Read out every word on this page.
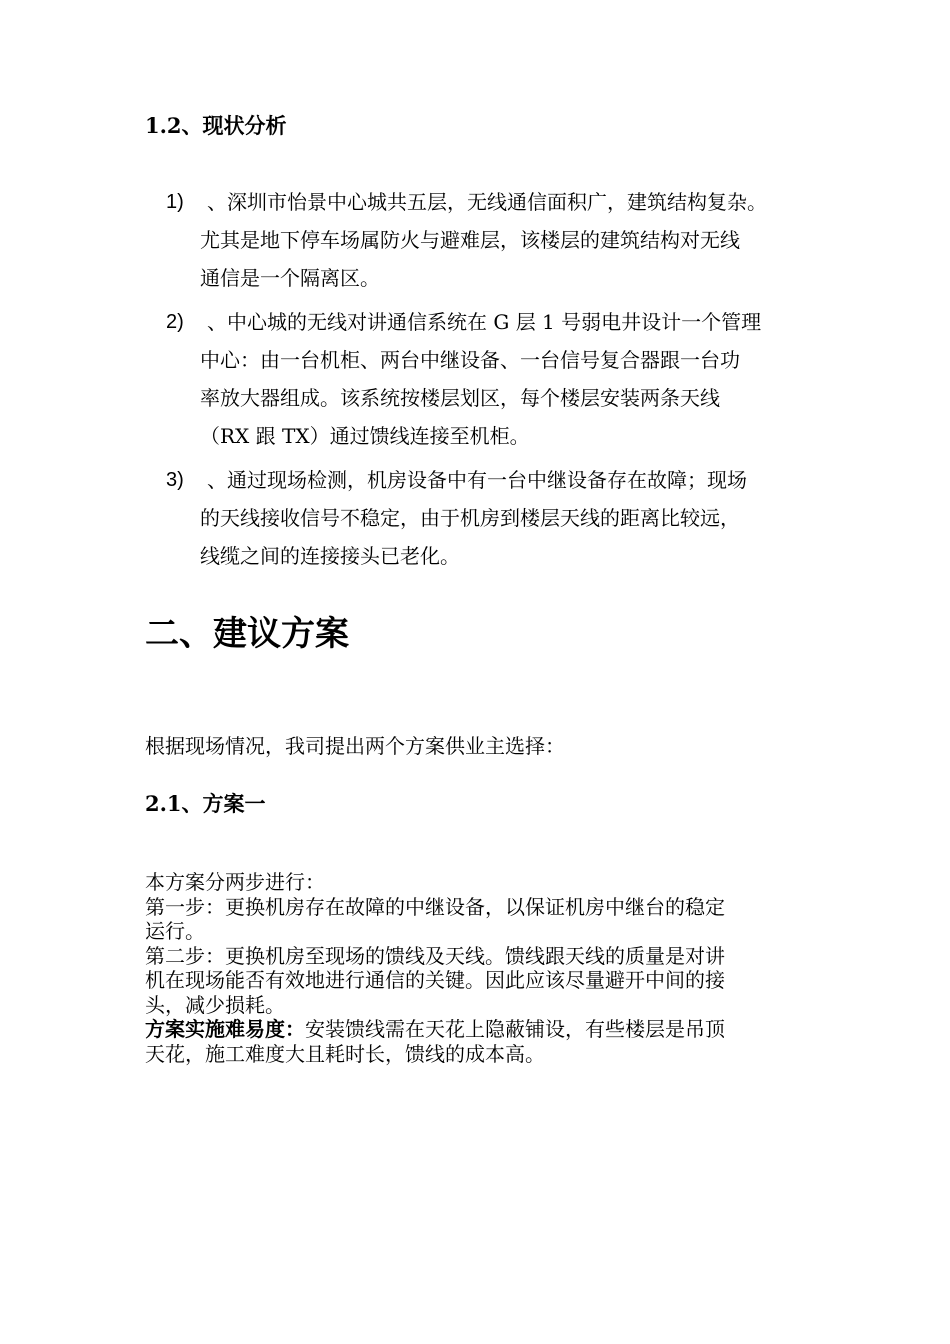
1.2、现状分析
1)	、深圳市怡景中心城共五层，无线通信面积广，建筑结构复杂。
尤其是地下停车场属防火与避难层，该楼层的建筑结构对无线
通信是一个隔离区。
2)	、中心城的无线对讲通信系统在 G 层 1 号弱电井设计一个管理
中心：由一台机柜、两台中继设备、一台信号复合器跟一台功
率放大器组成。该系统按楼层划区，每个楼层安装两条天线
（RX 跟 TX）通过馈线连接至机柜。
3)	、通过现场检测，机房设备中有一台中继设备存在故障；现场
的天线接收信号不稳定，由于机房到楼层天线的距离比较远，
线缆之间的连接接头已老化。
二、建议方案
根据现场情况，我司提出两个方案供业主选择：
2.1、方案一
本方案分两步进行：
第一步：更换机房存在故障的中继设备，以保证机房中继台的稳定
运行。
第二步：更换机房至现场的馈线及天线。馈线跟天线的质量是对讲
机在现场能否有效地进行通信的关键。因此应该尽量避开中间的接
头，减少损耗。
方案实施难易度：安装馈线需在天花上隐蔽铺设，有些楼层是吊顶
天花，施工难度大且耗时长，馈线的成本高。
